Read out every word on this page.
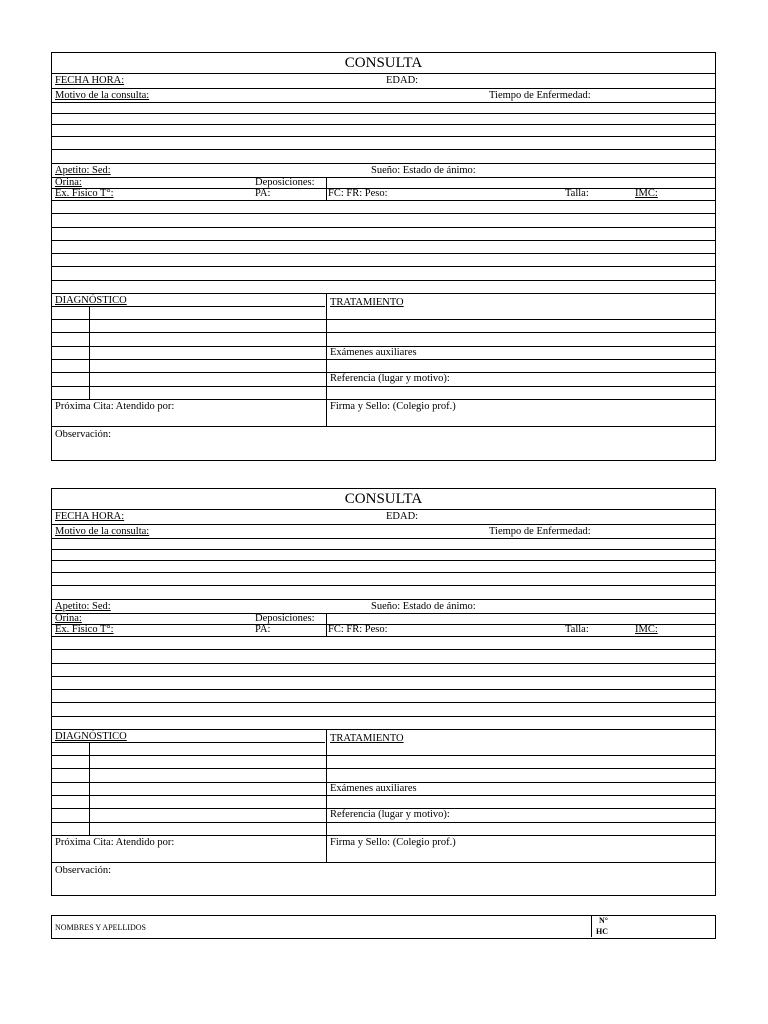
CONSULTA
FECHA HORA:	EDAD:
Motivo de la consulta:	Tiempo de Enfermedad:
Apetito: Sed:	Sueño: Estado de ánimo:
Orina:	Deposiciones:
Ex. Fisico T°:	PA:	FC: FR: Peso:	Talla:	IMC:
DIAGNÓSTICO	TRATAMIENTO
Exámenes auxiliares
Referencia (lugar y motivo):
Próxima Cita: Atendido por:	Firma y Sello: (Colegio prof.)
Observación:
CONSULTA
FECHA HORA:	EDAD:
Motivo de la consulta:	Tiempo de Enfermedad:
Apetito: Sed:	Sueño: Estado de ánimo:
Orina:	Deposiciones:
Ex. Fisico T°:	PA:	FC: FR: Peso:	Talla:	IMC:
DIAGNÓSTICO	TRATAMIENTO
Exámenes auxiliares
Referencia (lugar y motivo):
Próxima Cita: Atendido por:	Firma y Sello: (Colegio prof.)
Observación:
NOMBRES Y APELLIDOS
N°
HC
